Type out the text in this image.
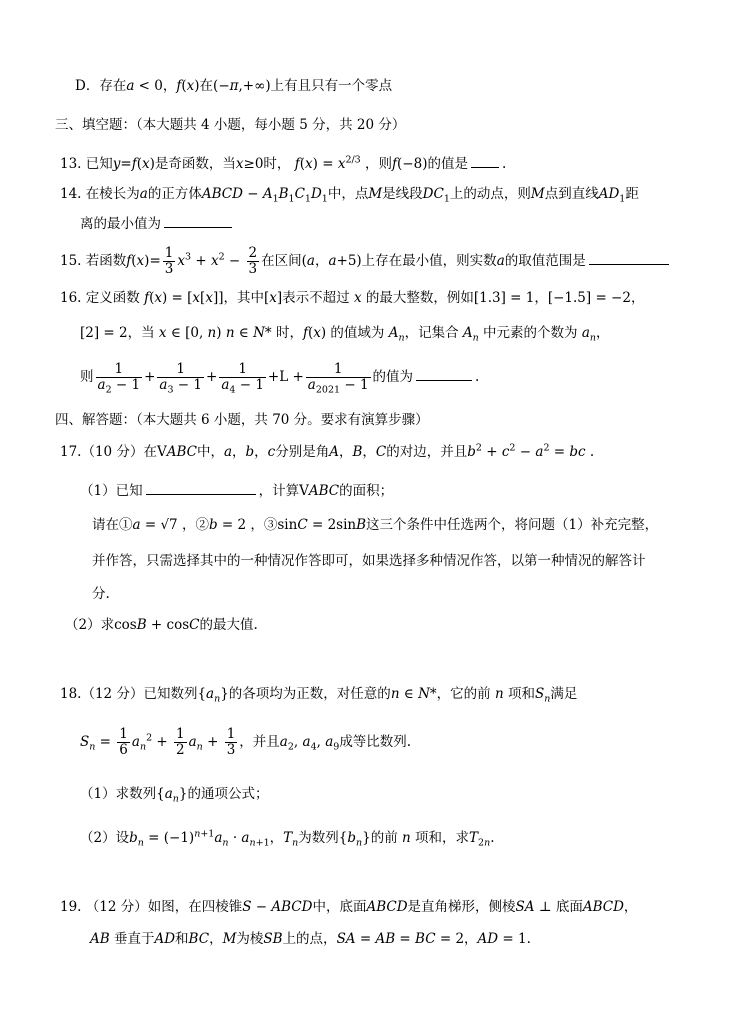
D．存在a < 0，f(x)在(−π,+∞)上有且只有一个零点
三、填空题：（本大题共 4 小题，每小题 5 分，共 20 分）
13. 已知y=f(x)是奇函数，当x≥0时， $f(x) = x^{2/3}$ ，则f(−8)的值是	.
14. 在棱长为a的正方体ABCD − $A_1B_1C_1D_1$中，点M是线段$DC_1$上的动点，则M点到直线$AD_1$距
离的最小值为
15. 若函数$f(x)= \frac{1}{3} x^3 + x^2 - \frac{2}{3}$ 在区间(a，a+5)上存在最小值，则实数a的取值范围是
16. 定义函数 f(x) = [x[x]]，其中[x]表示不超过 x 的最大整数，例如[1.3] = 1，[−1.5] = −2，
[2] = 2，当 x ∈ [0, n) n ∈ N* 时，f(x) 的值域为 $A_n$，记集合 $A_n$ 中元素的个数为 $a_n$，
则 $\frac{1}{a_2 - 1} + \frac{1}{a_3 - 1} + \frac{1}{a_4 - 1} +L + \frac{1}{a_{2021} - 1}$ 的值为	.
四、解答题：（本大题共 6 小题，共 70 分。要求有演算步骤）
17.（10 分）在VABC中，a，b，c分别是角A，B，C的对边，并且$b^2 + c^2 - a^2$ = bc .
（1）已知	，计算VABC的面积；
请在①a = √7 ，②b = 2 ，③sinC = 2sinB这三个条件中任选两个，将问题（1）补充完整，
并作答，只需选择其中的一种情况作答即可，如果选择多种情况作答，以第一种情况的解答计
分.
（2）求cosB + cosC的最大值.
18.（12 分）已知数列$\{a_n\}$的各项均为正数，对任意的n ∈ N*，它的前 n 项和$S_n$满足
$S_n = \frac{1}{6} a_n^2 + \frac{1}{2} a_n + \frac{1}{3}$ ，并且$a_2$, $a_4$, $a_9$成等比数列.
（1）求数列$\{a_n\}$的通项公式；
（2）设$b_n = (-1)^{n+1}a_n \cdot a_{n+1}$，$T_n$为数列$\{b_n\}$的前 n 项和，求$T_{2n}$.
19. （12 分）如图，在四棱锥S − ABCD中，底面ABCD是直角梯形，侧棱SA ⊥ 底面ABCD，
AB 垂直于AD和BC，M为棱SB上的点，SA = AB = BC = 2，AD = 1.
